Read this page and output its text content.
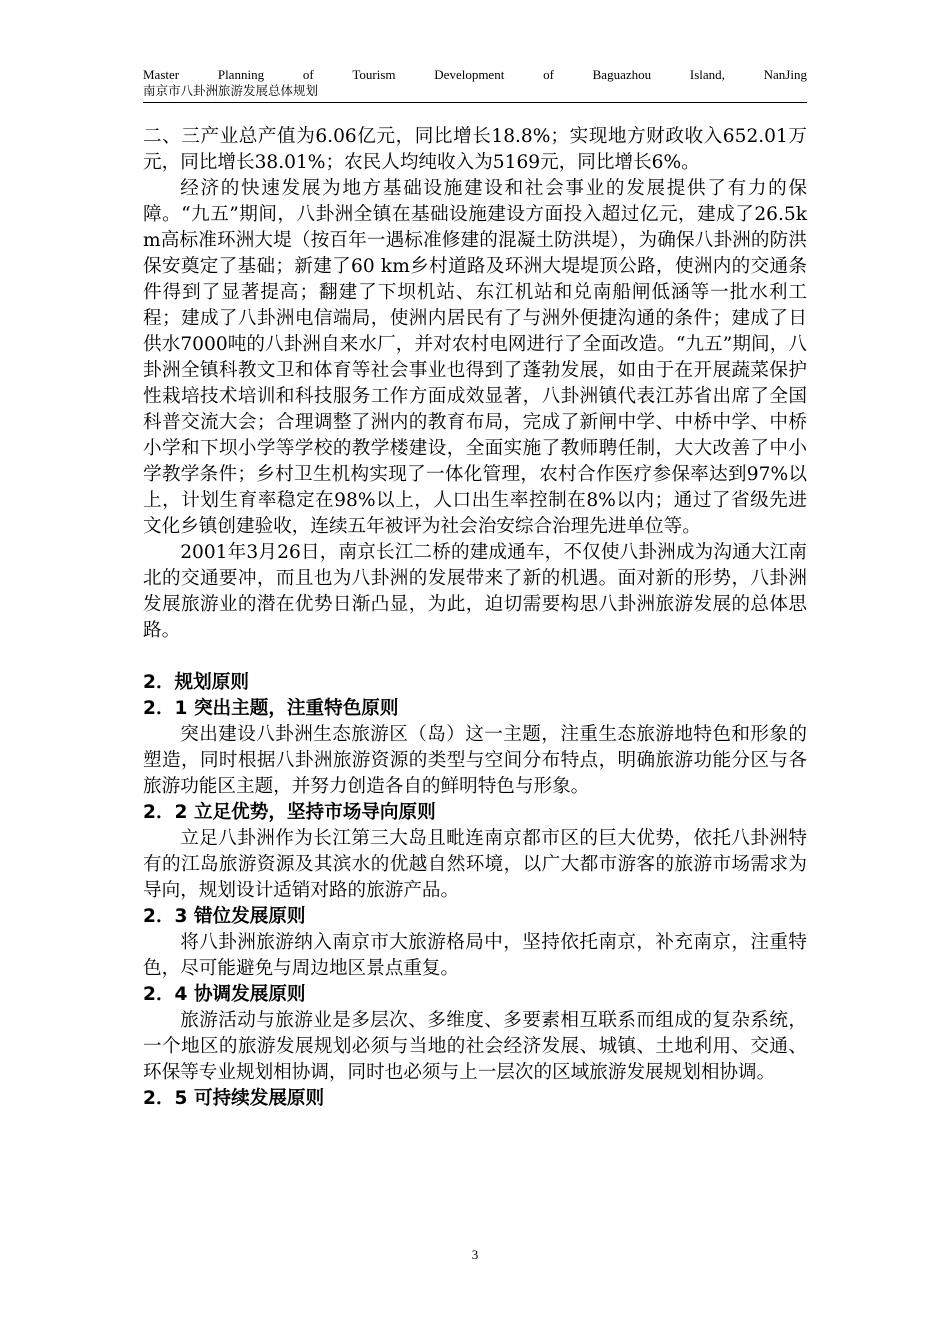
Master	Planning	of	Tourism	Development	of	Baguazhou	Island,	NanJing
南京市八卦洲旅游发展总体规划

二、三产业总产值为6.06亿元，同比增长18.8%；实现地方财政收入652.01万元，同比增长38.01%；农民人均纯收入为5169元，同比增长6%。

经济的快速发展为地方基础设施建设和社会事业的发展提供了有力的保障。“九五”期间，八卦洲全镇在基础设施建设方面投入超过亿元，建成了26.5km高标准环洲大堤（按百年一遇标准修建的混凝土防洪堤），为确保八卦洲的防洪保安奠定了基础；新建了60 km乡村道路及环洲大堤堤顶公路，使洲内的交通条件得到了显著提高；翻建了下坝机站、东江机站和兑南船闸低涵等一批水利工程；建成了八卦洲电信端局，使洲内居民有了与洲外便捷沟通的条件；建成了日供水7000吨的八卦洲自来水厂，并对农村电网进行了全面改造。“九五”期间，八卦洲全镇科教文卫和体育等社会事业也得到了蓬勃发展，如由于在开展蔬菜保护性栽培技术培训和科技服务工作方面成效显著，八卦洲镇代表江苏省出席了全国科普交流大会；合理调整了洲内的教育布局，完成了新闸中学、中桥中学、中桥小学和下坝小学等学校的教学楼建设，全面实施了教师聘任制，大大改善了中小学教学条件；乡村卫生机构实现了一体化管理，农村合作医疗参保率达到97%以上，计划生育率稳定在98%以上，人口出生率控制在8%以内；通过了省级先进文化乡镇创建验收，连续五年被评为社会治安综合治理先进单位等。

2001年3月26日，南京长江二桥的建成通车，不仅使八卦洲成为沟通大江南北的交通要冲，而且也为八卦洲的发展带来了新的机遇。面对新的形势，八卦洲发展旅游业的潜在优势日渐凸显，为此，迫切需要构思八卦洲旅游发展的总体思路。

2．规划原则

2．1 突出主题，注重特色原则

突出建设八卦洲生态旅游区（岛）这一主题，注重生态旅游地特色和形象的塑造，同时根据八卦洲旅游资源的类型与空间分布特点，明确旅游功能分区与各旅游功能区主题，并努力创造各自的鲜明特色与形象。

2．2 立足优势，坚持市场导向原则

立足八卦洲作为长江第三大岛且毗连南京都市区的巨大优势，依托八卦洲特有的江岛旅游资源及其滨水的优越自然环境，以广大都市游客的旅游市场需求为导向，规划设计适销对路的旅游产品。

2．3 错位发展原则

将八卦洲旅游纳入南京市大旅游格局中，坚持依托南京，补充南京，注重特色，尽可能避免与周边地区景点重复。

2．4 协调发展原则

旅游活动与旅游业是多层次、多维度、多要素相互联系而组成的复杂系统，一个地区的旅游发展规划必须与当地的社会经济发展、城镇、土地利用、交通、环保等专业规划相协调，同时也必须与上一层次的区域旅游发展规划相协调。

2．5 可持续发展原则

3
